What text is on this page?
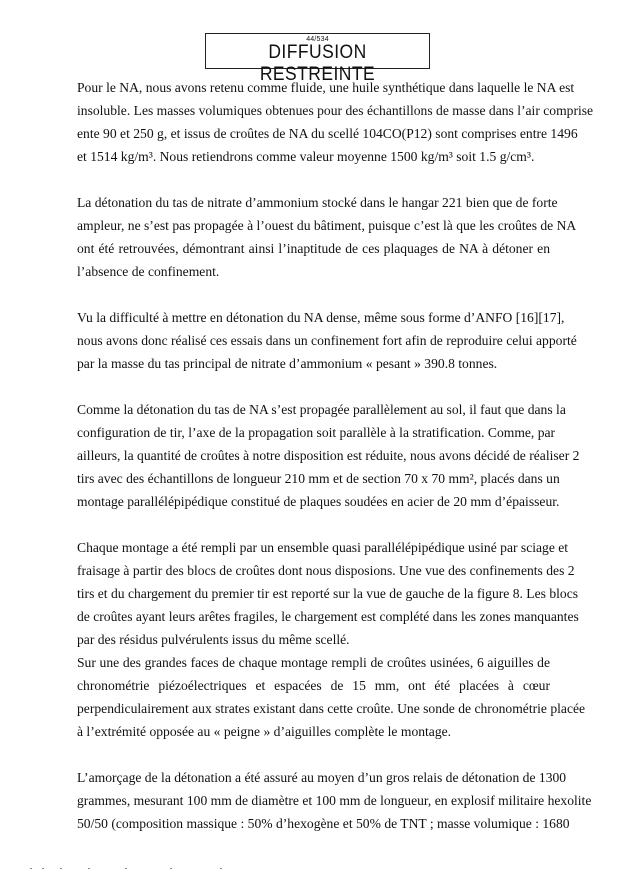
44/534
DIFFUSION RESTREINTE

Pour le NA, nous avons retenu comme fluide, une huile synthétique dans laquelle le NA est
insoluble. Les masses volumiques obtenues pour des échantillons de masse dans l’air comprise
ente 90 et 250 g, et issus de croûtes de NA du scellé 104CO(P12) sont comprises entre 1496
et 1514 kg/m³. Nous retiendrons comme valeur moyenne 1500 kg/m³ soit 1.5 g/cm³.

La détonation du tas de nitrate d’ammonium stocké dans le hangar 221 bien que de forte
ampleur, ne s’est pas propagée à l’ouest du bâtiment, puisque c’est là que les croûtes de NA
ont été retrouvées, démontrant ainsi l’inaptitude de ces plaquages de NA à détoner en
l’absence de confinement.

Vu la difficulté à mettre en détonation du NA dense, même sous forme d’ANFO [16][17],
nous avons donc réalisé ces essais dans un confinement fort afin de reproduire celui apporté
par la masse du tas principal de nitrate d’ammonium « pesant » 390.8 tonnes.

Comme la détonation du tas de NA s’est propagée parallèlement au sol, il faut que dans la
configuration de tir, l’axe de la propagation soit parallèle à la stratification. Comme, par
ailleurs, la quantité de croûtes à notre disposition est réduite, nous avons décidé de réaliser 2
tirs avec des échantillons de longueur 210 mm et de section 70 x 70 mm², placés dans un
montage parallélépipédique constitué de plaques soudées en acier de 20 mm d’épaisseur.

Chaque montage a été rempli par un ensemble quasi parallélépipédique usiné par sciage et
fraisage à partir des blocs de croûtes dont nous disposions. Une vue des confinements des 2
tirs et du chargement du premier tir est reporté sur la vue de gauche de la figure 8. Les blocs
de croûtes ayant leurs arêtes fragiles, le chargement est complété dans les zones manquantes
par des résidus pulvérulents issus du même scellé.
Sur une des grandes faces de chaque montage rempli de croûtes usinées, 6 aiguilles de
chronométrie piézoélectriques et espacées de 15 mm, ont été placées à cœur
perpendiculairement aux strates existant dans cette croûte. Une sonde de chronométrie placée
à l’extrémité opposée au « peigne » d’aiguilles complète le montage.

L’amorçage de la détonation a été assuré au moyen d’un gros relais de détonation de 1300
grammes, mesurant 100 mm de diamètre et 100 mm de longueur, en explosif militaire hexolite
50/50 (composition massique : 50% d’hexogène et 50% de TNT ; masse volumique : 1680
